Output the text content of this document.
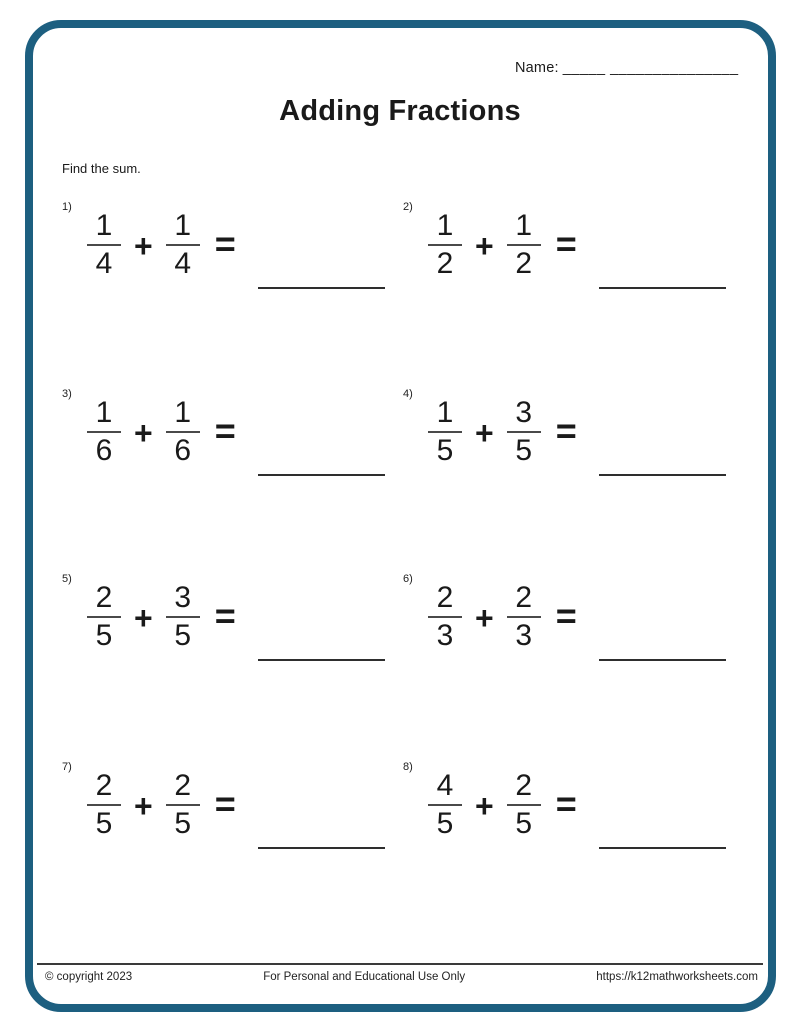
Name: _____ _______________
Adding Fractions
Find the sum.
1)
$\frac{1}{4} + \frac{1}{4}$ =
2)
$\frac{1}{2} + \frac{1}{2}$ =
3)
$\frac{1}{6} + \frac{1}{6}$ =
4)
$\frac{1}{5} + \frac{3}{5}$ =
5)
$\frac{2}{5} + \frac{3}{5}$ =
6)
$\frac{2}{3} + \frac{2}{3}$ =
7)
$\frac{2}{5} + \frac{2}{5}$ =
8)
$\frac{4}{5} + \frac{2}{5}$ =
© copyright 2023	For Personal and Educational Use Only	https://k12mathworksheets.com
